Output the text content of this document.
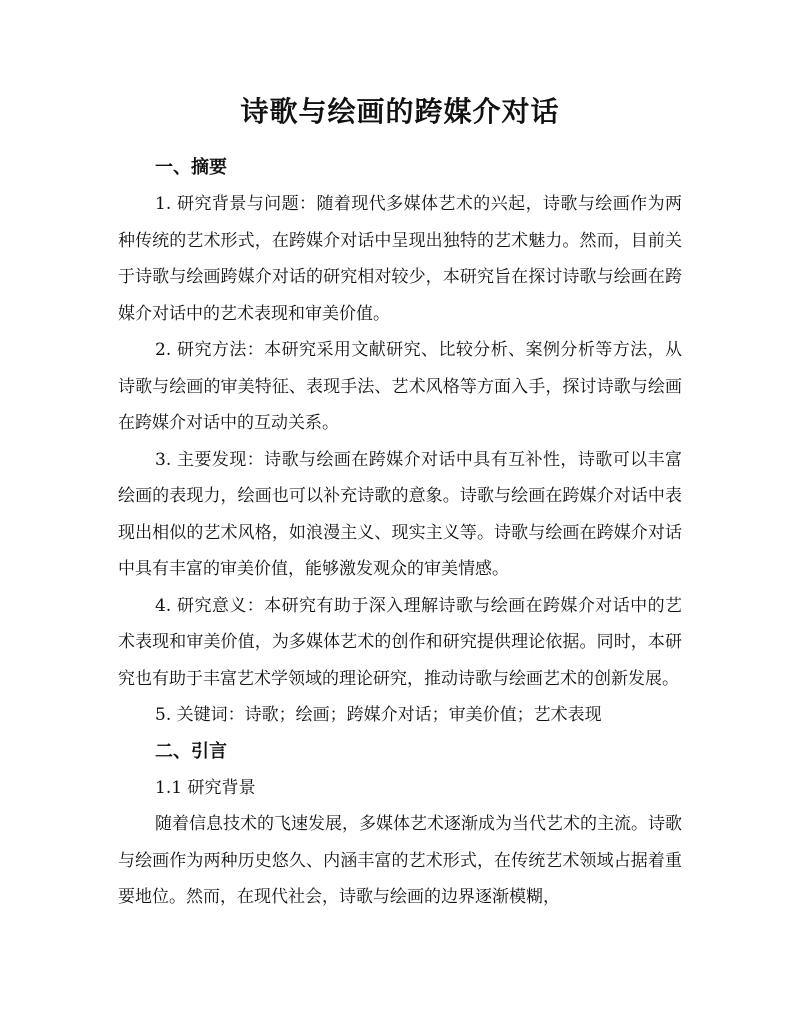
诗歌与绘画的跨媒介对话
一、摘要

1. 研究背景与问题：随着现代多媒体艺术的兴起，诗歌与绘画作为两种传统的艺术形式，在跨媒介对话中呈现出独特的艺术魅力。然而，目前关于诗歌与绘画跨媒介对话的研究相对较少，本研究旨在探讨诗歌与绘画在跨媒介对话中的艺术表现和审美价值。

2. 研究方法：本研究采用文献研究、比较分析、案例分析等方法，从诗歌与绘画的审美特征、表现手法、艺术风格等方面入手，探讨诗歌与绘画在跨媒介对话中的互动关系。

3. 主要发现：诗歌与绘画在跨媒介对话中具有互补性，诗歌可以丰富绘画的表现力，绘画也可以补充诗歌的意象。诗歌与绘画在跨媒介对话中表现出相似的艺术风格，如浪漫主义、现实主义等。诗歌与绘画在跨媒介对话中具有丰富的审美价值，能够激发观众的审美情感。

4. 研究意义：本研究有助于深入理解诗歌与绘画在跨媒介对话中的艺术表现和审美价值，为多媒体艺术的创作和研究提供理论依据。同时，本研究也有助于丰富艺术学领域的理论研究，推动诗歌与绘画艺术的创新发展。

5. 关键词：诗歌；绘画；跨媒介对话；审美价值；艺术表现

二、引言

1.1 研究背景

随着信息技术的飞速发展，多媒体艺术逐渐成为当代艺术的主流。诗歌与绘画作为两种历史悠久、内涵丰富的艺术形式，在传统艺术领域占据着重要地位。然而，在现代社会，诗歌与绘画的边界逐渐模糊，
